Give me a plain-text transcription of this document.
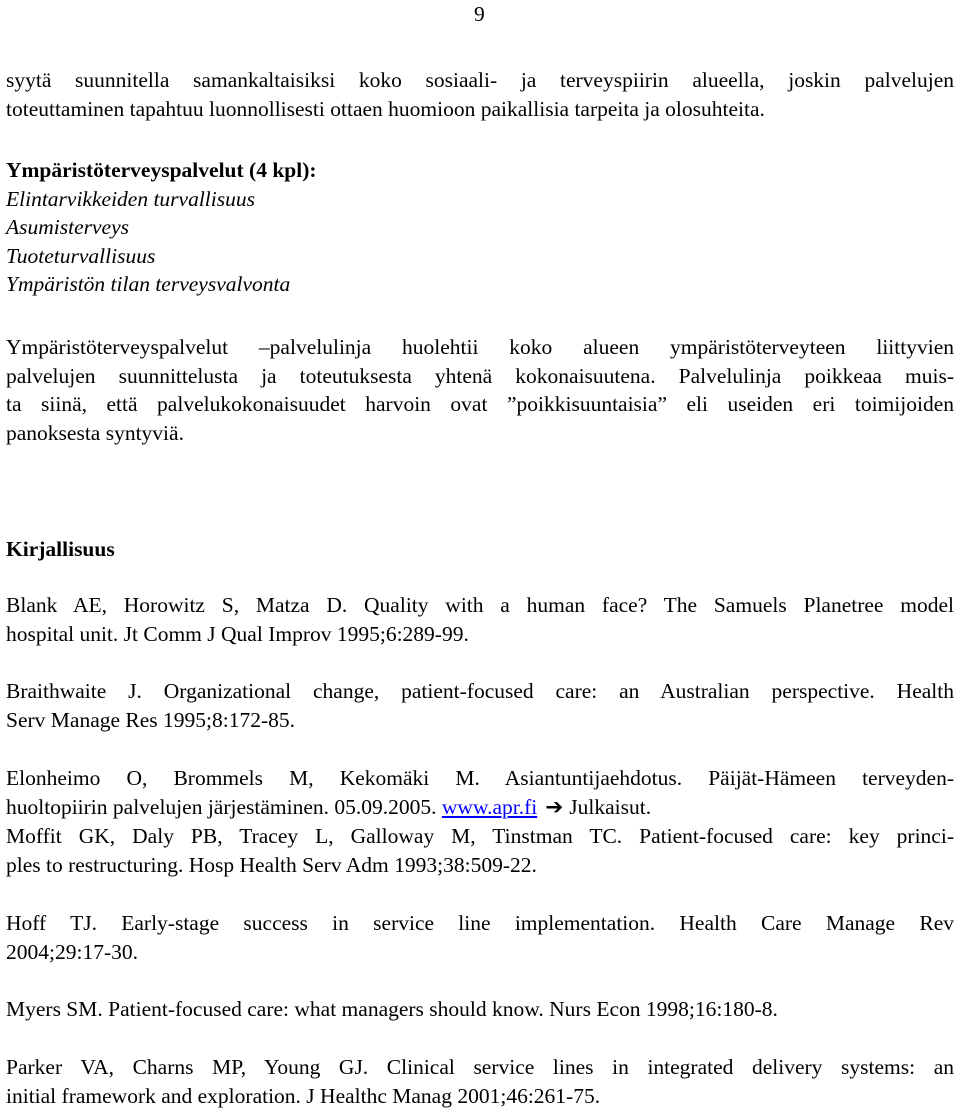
9
syytä suunnitella samankaltaisiksi koko sosiaali- ja terveyspiirin alueella, joskin palvelujen
toteuttaminen tapahtuu luonnollisesti ottaen huomioon paikallisia tarpeita ja olosuhteita.

Ympäristöterveyspalvelut (4 kpl):

Elintarvikkeiden turvallisuus

Asumisterveys

Tuoteturvallisuus

Ympäristön tilan terveysvalvonta

Ympäristöterveyspalvelut –palvelulinja huolehtii koko alueen ympäristöterveyteen liittyvien
palvelujen suunnittelusta ja toteutuksesta yhtenä kokonaisuutena. Palvelulinja poikkeaa muis-
ta siinä, että palvelukokonaisuudet harvoin ovat ”poikkisuuntaisia” eli useiden eri toimijoiden
panoksesta syntyviä.
Kirjallisuus
Blank AE, Horowitz S, Matza D. Quality with a human face? The Samuels Planetree model
hospital unit. Jt Comm J Qual Improv 1995;6:289-99.
Braithwaite J. Organizational change, patient-focused care: an Australian perspective. Health
Serv Manage Res 1995;8:172-85.
Elonheimo O, Brommels M, Kekomäki M. Asiantuntijaehdotus. Päijät-Hämeen terveyden-
huoltopiirin palvelujen järjestäminen. 05.09.2005. www.apr.fi ➔ Julkaisut.
Moffit GK, Daly PB, Tracey L, Galloway M, Tinstman TC. Patient-focused care: key princi-
ples to restructuring. Hosp Health Serv Adm 1993;38:509-22.
Hoff TJ. Early-stage success in service line implementation. Health Care Manage Rev
2004;29:17-30.
Myers SM. Patient-focused care: what managers should know. Nurs Econ 1998;16:180-8.
Parker VA, Charns MP, Young GJ. Clinical service lines in integrated delivery systems: an
initial framework and exploration. J Healthc Manag 2001;46:261-75.
